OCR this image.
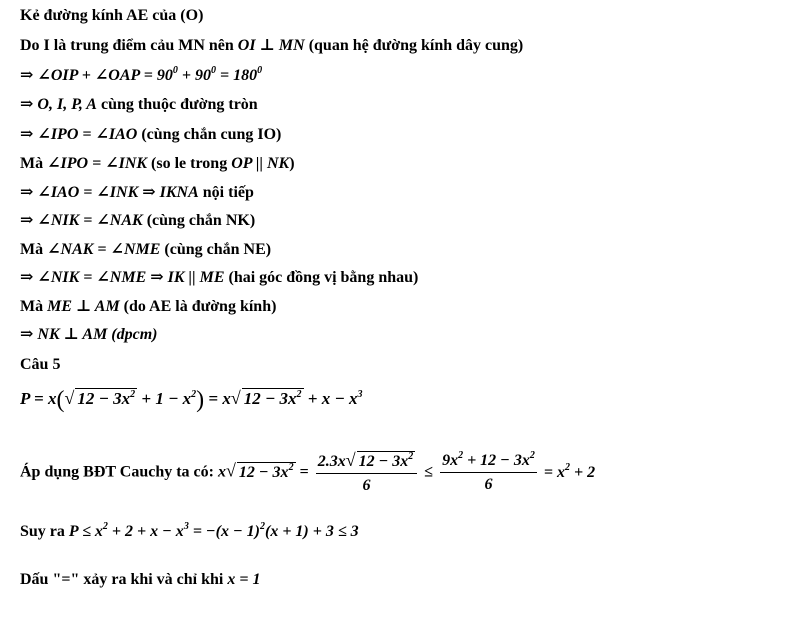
Kẻ đường kính AE của (O)
Do I là trung điểm cảu MN nên OI ⊥ MN (quan hệ đường kính dây cung)
⇒ ∠OIP + ∠OAP = $90^0 + 90^0 = 180^0$
⇒ O, I, P, A cùng thuộc đường tròn
⇒ ∠IPO = ∠IAO (cùng chắn cung IO)
Mà ∠IPO = ∠INK (so le trong OP || NK)
⇒ ∠IAO = ∠INK ⇒ IKNA nội tiếp
⇒ ∠NIK = ∠NAK (cùng chắn NK)
Mà ∠NAK = ∠NME (cùng chắn NE)
⇒ ∠NIK = ∠NME ⇒ IK || ME (hai góc đồng vị bằng nhau)
Mà ME ⊥ AM (do AE là đường kính)
⇒ NK ⊥ AM (dpcm)
Câu 5
P = x(√ $12 - 3x^2 + 1 - x^2) = x√$ $12 - 3x^2 + x - x^3$
Áp dụng BĐT Cauchy ta có: x√ $12 - 3x^2 = \frac{2.3x√ 12 - 3x^2}{6} \le \frac{9x^2 + 12 - 3x^2}{6} = x^2 + 2$
Suy ra $P \le x^2 + 2 + x - x^3 = -(x - 1)^2(x + 1) + 3 \le 3$
Dấu "=" xảy ra khi và chỉ khi x = 1
